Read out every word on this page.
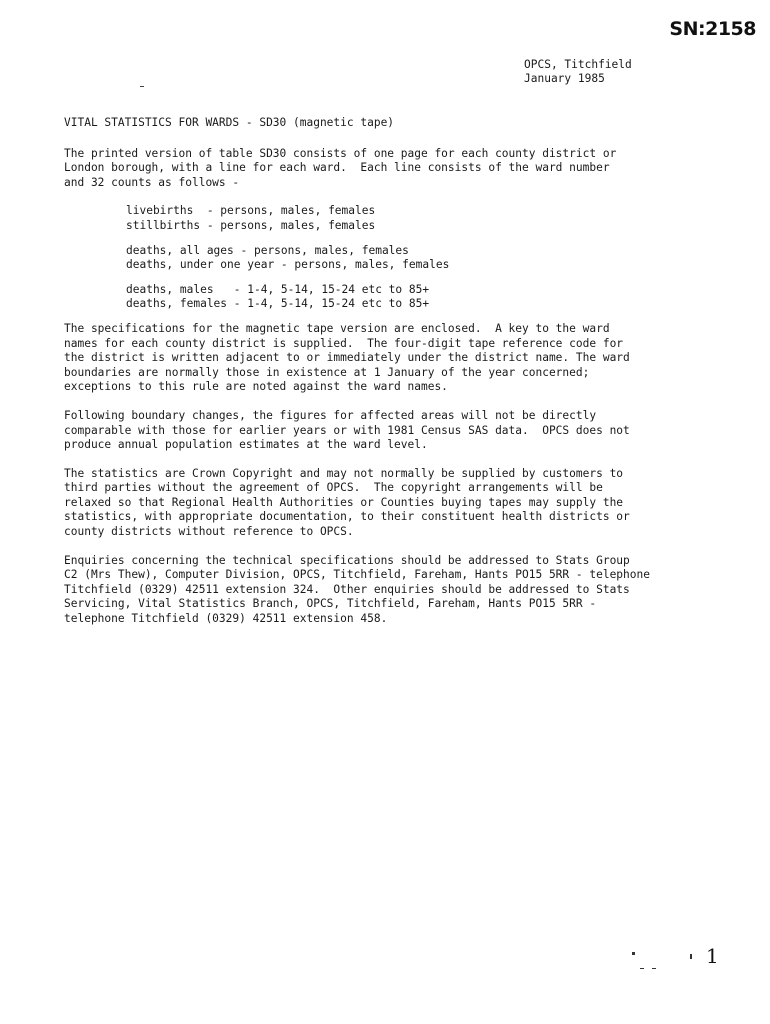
SN:2158
OPCS, Titchfield
January 1985

VITAL STATISTICS FOR WARDS - SD30 (magnetic tape)

The printed version of table SD30 consists of one page for each county district or
London borough, with a line for each ward.  Each line consists of the ward number
and 32 counts as follows -
livebirths  - persons, males, females
stillbirths - persons, males, females
deaths, all ages - persons, males, females
deaths, under one year - persons, males, females
deaths, males   - 1-4, 5-14, 15-24 etc to 85+
deaths, females - 1-4, 5-14, 15-24 etc to 85+
The specifications for the magnetic tape version are enclosed.  A key to the ward
names for each county district is supplied.  The four-digit tape reference code for
the district is written adjacent to or immediately under the district name. The ward
boundaries are normally those in existence at 1 January of the year concerned;
exceptions to this rule are noted against the ward names.
Following boundary changes, the figures for affected areas will not be directly
comparable with those for earlier years or with 1981 Census SAS data.  OPCS does not
produce annual population estimates at the ward level.
The statistics are Crown Copyright and may not normally be supplied by customers to
third parties without the agreement of OPCS.  The copyright arrangements will be
relaxed so that Regional Health Authorities or Counties buying tapes may supply the
statistics, with appropriate documentation, to their constituent health districts or
county districts without reference to OPCS.
Enquiries concerning the technical specifications should be addressed to Stats Group
C2 (Mrs Thew), Computer Division, OPCS, Titchfield, Fareham, Hants PO15 5RR - telephone
Titchfield (0329) 42511 extension 324.  Other enquiries should be addressed to Stats
Servicing, Vital Statistics Branch, OPCS, Titchfield, Fareham, Hants PO15 5RR -
telephone Titchfield (0329) 42511 extension 458.
1
